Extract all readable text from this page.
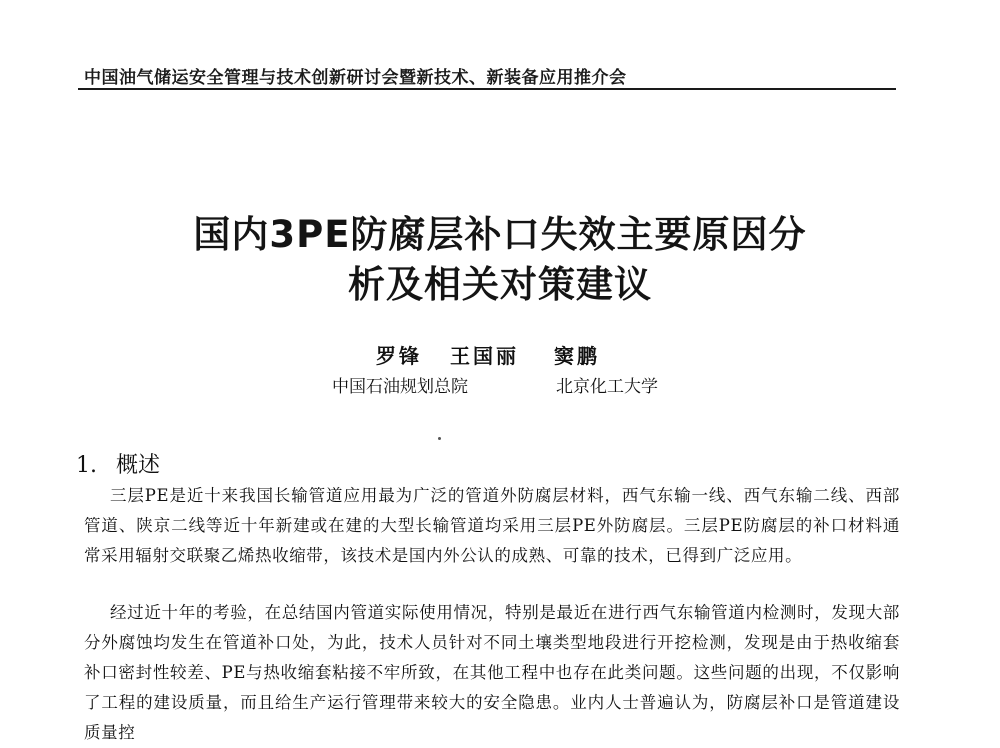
中国油气储运安全管理与技术创新研讨会暨新技术、新装备应用推介会
国内3PE防腐层补口失效主要原因分
析及相关对策建议
罗锋 王国丽 窦鹏
中国石油规划总院	北京化工大学
1. 概述

三层PE是近十来我国长输管道应用最为广泛的管道外防腐层材料，西气东输一线、西气东输二线、西部管道、陕京二线等近十年新建或在建的大型长输管道均采用三层PE外防腐层。三层PE防腐层的补口材料通常采用辐射交联聚乙烯热收缩带，该技术是国内外公认的成熟、可靠的技术，已得到广泛应用。

经过近十年的考验，在总结国内管道实际使用情况，特别是最近在进行西气东输管道内检测时，发现大部分外腐蚀均发生在管道补口处，为此，技术人员针对不同土壤类型地段进行开挖检测，发现是由于热收缩套补口密封性较差、PE与热收缩套粘接不牢所致，在其他工程中也存在此类问题。这些问题的出现，不仅影响了工程的建设质量，而且给生产运行管理带来较大的安全隐患。业内人士普遍认为，防腐层补口是管道建设质量控
